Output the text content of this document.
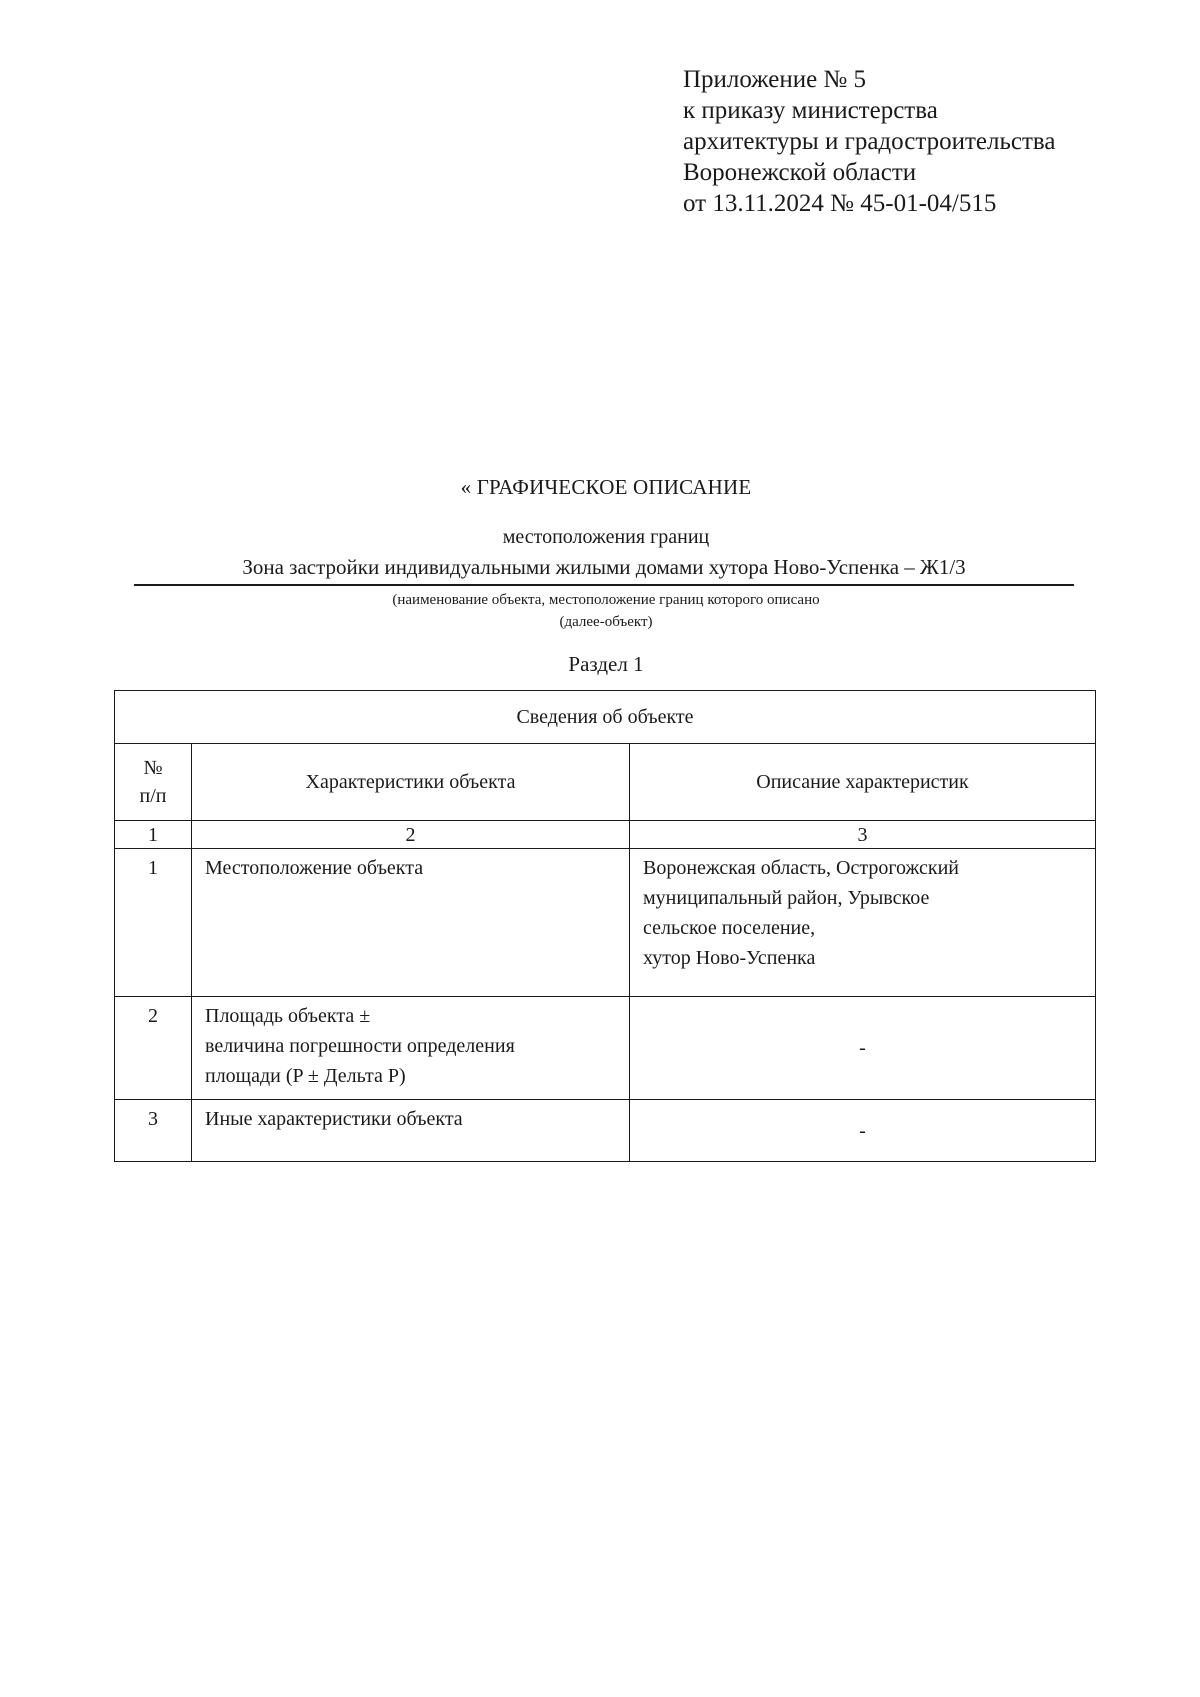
Приложение № 5
к приказу министерства
архитектуры и градостроительства
Воронежской области
от 13.11.2024 № 45-01-04/515
« ГРАФИЧЕСКОЕ ОПИСАНИЕ
местоположения границ
Зона застройки индивидуальными жилыми домами хутора Ново-Успенка – Ж1/3
(наименование объекта, местоположение границ которого описано
(далее-объект)
Раздел 1
Сведения об объекте		

№
п/п	Характеристики объекта	Описание характеристик
1	2	3
1	Местоположение объекта	Воронежская область, Острогожский
муниципальный район, Урывское
сельское поселение,
хутор Ново-Успенка

2	Площадь объекта ±
величина погрешности определения
площади (P ± Дельта P)	-
3	Иные характеристики объекта	-
